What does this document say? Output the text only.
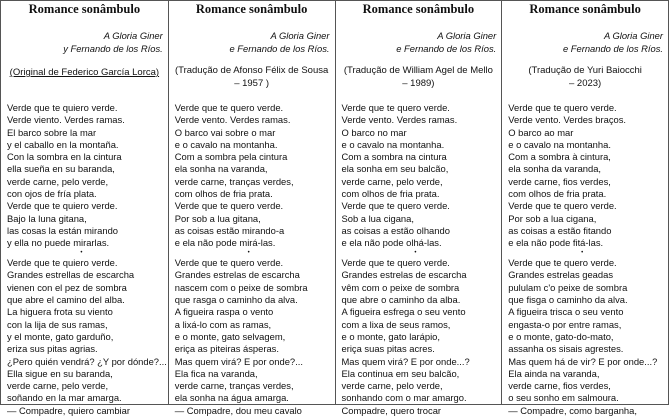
Romance sonâmbulo
A Gloria Giner
y Fernando de los Ríos.
(Original de Federico García Lorca)
Verde que te quiero verde.
Verde viento. Verdes ramas.
El barco sobre la mar
y el caballo en la montaña.
Con la sombra en la cintura
ella sueña en su baranda,
verde carne, pelo verde,
con ojos de fría plata.
Verde que te quiero verde.
Bajo la luna gitana,
las cosas la están mirando
y ella no puede mirarlas.
•
Verde que te quiero verde.
Grandes estrellas de escarcha
vienen con el pez de sombra
que abre el camino del alba.
La higuera frota su viento
con la lija de sus ramas,
y el monte, gato garduño,
eriza sus pitas agrias.
¿Pero quién vendrá? ¿Y por dónde?...
Ella sigue en su baranda,
verde carne, pelo verde,
soñando en la mar amarga.
— Compadre, quiero cambiar
Romance sonâmbulo
A Gloria Giner
e Fernando de los Ríos.
(Tradução de Afonso Félix de Sousa
– 1957 )
Verde que te quero verde.
Verde vento. Verdes ramas.
O barco vai sobre o mar
e o cavalo na montanha.
Com a sombra pela cintura
ela sonha na varanda,
verde carne, tranças verdes,
com olhos de fria prata.
Verde que te quero verde.
Por sob a lua gitana,
as coisas estão mirando-a
e ela não pode mirá-las.
•
Verde que te quero verde.
Grandes estrelas de escarcha
nascem com o peixe de sombra
que rasga o caminho da alva.
A figueira raspa o vento
a lixá-lo com as ramas,
e o monte, gato selvagem,
eriça as piteiras ásperas.
Mas quem virá? E por onde?...
Ela fica na varanda,
verde carne, tranças verdes,
ela sonha na água amarga.
— Compadre, dou meu cavalo
Romance sonâmbulo
A Gloria Giner
e Fernando de los Ríos.
(Tradução de William Agel de Mello
– 1989)
Verde que te quero verde.
Verde vento. Verdes ramas.
O barco no mar
e o cavalo na montanha.
Com a sombra na cintura
ela sonha em seu balcão,
verde carne, pelo verde,
com olhos de fria prata.
Verde que te quero verde.
Sob a lua cigana,
as coisas a estão olhando
e ela não pode olhá-las.
•
Verde que te quero verde.
Grandes estrelas de escarcha
vêm com o peixe de sombra
que abre o caminho da alba.
A figueira esfrega o seu vento
com a lixa de seus ramos,
e o monte, gato larápio,
eriça suas pitas acres.
Mas quem virá? E por onde...?
Ela continua em seu balcão,
verde carne, pelo verde,
sonhando com o mar amargo.
Compadre, quero trocar
Romance sonâmbulo
A Gloria Giner
e Fernando de los Ríos.
(Tradução de Yuri Baiocchi
– 2023)
Verde que te quero verde.
Verde vento. Verdes braços.
O barco ao mar
e o cavalo na montanha.
Com a sombra à cintura,
ela sonha da varanda,
verde carne, fios verdes,
com olhos de fria prata.
Verde que te quero verde.
Por sob a lua cigana,
as coisas a estão fitando
e ela não pode fitá-las.
•
Verde que te quero verde.
Grandes estrelas geadas
pululam c'o peixe de sombra
que fisga o caminho da alva.
A figueira trisca o seu vento
engasta-o por entre ramas,
e o monte, gato-do-mato,
assanha os sisais agrestes.
Mas quem há de vir? E por onde...?
Ela ainda na varanda,
verde carne, fios verdes,
o seu sonho em salmoura.
— Compadre, como barganha,
